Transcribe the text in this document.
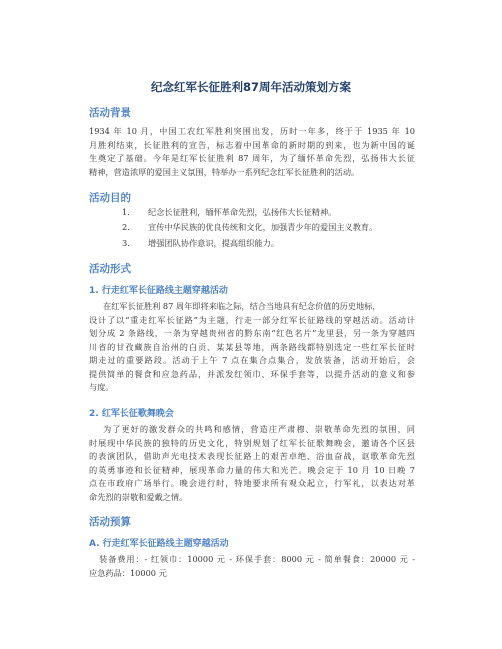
纪念红军长征胜利87周年活动策划方案
活动背景
1934 年 10 月，中国工农红军胜利突围出发，历时一年多，终于于 1935 年 10
月胜利结束，长征胜利的宣告，标志着中国革命的新时期的到来，也为新中国的诞
生奠定了基础。今年是红军长征胜利 87 周年，为了缅怀革命先烈，弘扬伟大长征
精神，营造浓厚的爱国主义氛围，特举办一系列纪念红军长征胜利的活动。
活动目的
1. 纪念长征胜利，缅怀革命先烈，弘扬伟大长征精神。
2. 宣传中华民族的优良传统和文化，加强青少年的爱国主义教育。
3. 增强团队协作意识，提高组织能力。
活动形式
1. 行走红军长征路线主题穿越活动
在红军长征胜利 87 周年即将来临之际，结合当地具有纪念价值的历史地标，
设计了以“重走红军长征路”为主题，行走一部分红军长征路线的穿越活动。活动计
划分成 2 条路线，一条为穿越贵州省的黔东南“红色名片”龙里县，另一条为穿越四
川省的甘孜藏族自治州的白贡、某某县等地，两条路线都特别选定一些红军长征时
期走过的重要路段。活动于上午 7 点在集合点集合，发放装备，活动开始后，会
提供简单的餐食和应急药品，并派发红领巾、环保手套等，以提升活动的意义和参
与度。
2. 红军长征歌舞晚会
为了更好的激发群众的共鸣和感情，营造庄严肃穆、崇敬革命先烈的氛围，同
时展现中华民族的独特的历史文化，特别规划了红军长征歌舞晚会，邀请各个区县
的表演团队，借助声光电技术表现长征路上的艰苦卓绝、浴血奋战，讴歌革命先烈
的英勇事迹和长征精神，展现革命力量的伟大和光芒。晚会定于 10 月 10 日晚 7
点在市政府广场举行。晚会进行时，特地要求所有观众起立，行军礼，以表达对革
命先烈的崇敬和爱戴之情。
活动预算
A. 行走红军长征路线主题穿越活动
装备费用：- 红领巾：10000 元 - 环保手套：8000 元 - 简单餐食：20000 元 -
应急药品：10000 元
